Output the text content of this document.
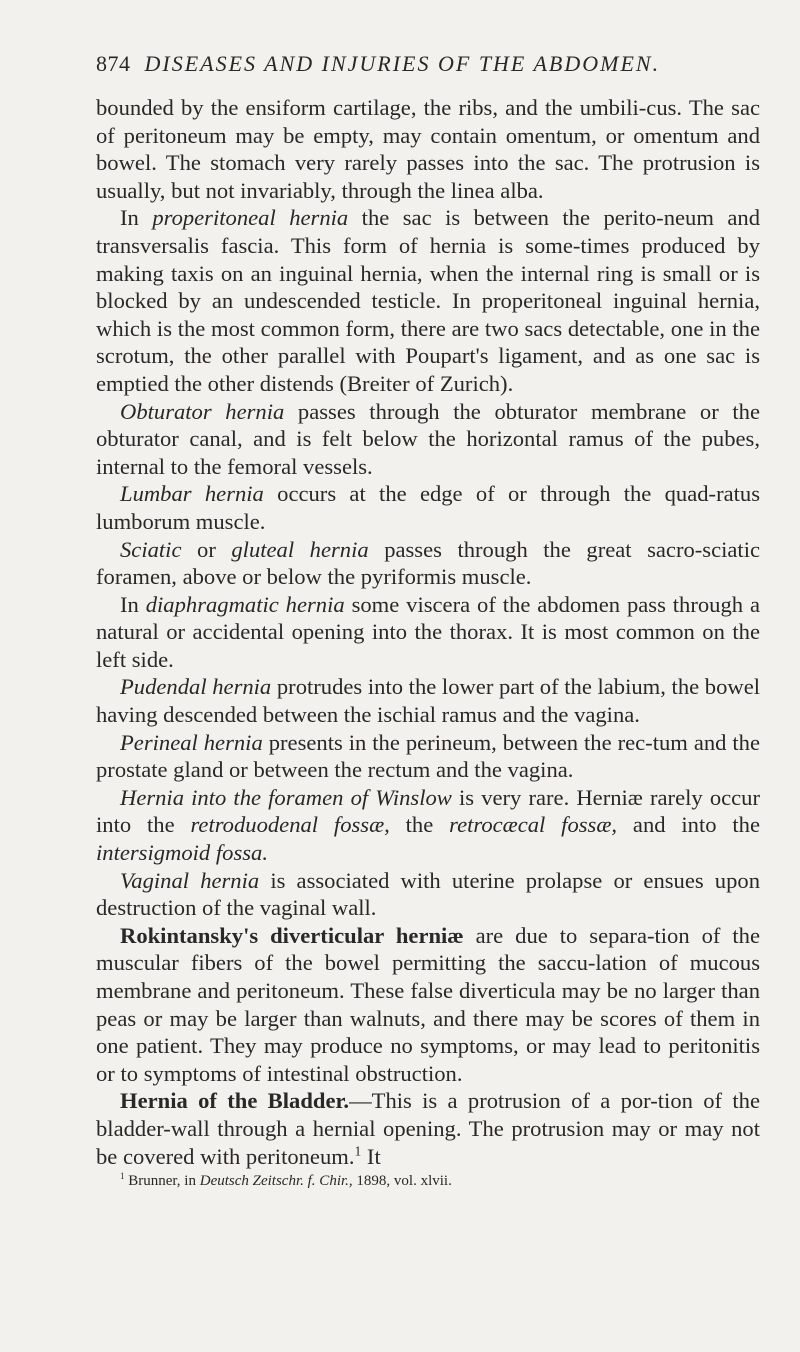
874 DISEASES AND INJURIES OF THE ABDOMEN.

bounded by the ensiform cartilage, the ribs, and the umbili-cus. The sac of peritoneum may be empty, may contain omentum, or omentum and bowel. The stomach very rarely passes into the sac. The protrusion is usually, but not invariably, through the linea alba.

In properitoneal hernia the sac is between the perito-neum and transversalis fascia. This form of hernia is some-times produced by making taxis on an inguinal hernia, when the internal ring is small or is blocked by an undescended testicle. In properitoneal inguinal hernia, which is the most common form, there are two sacs detectable, one in the scrotum, the other parallel with Poupart's ligament, and as one sac is emptied the other distends (Breiter of Zurich).

Obturator hernia passes through the obturator membrane or the obturator canal, and is felt below the horizontal ramus of the pubes, internal to the femoral vessels.

Lumbar hernia occurs at the edge of or through the quad-ratus lumborum muscle.

Sciatic or gluteal hernia passes through the great sacro-sciatic foramen, above or below the pyriformis muscle.

In diaphragmatic hernia some viscera of the abdomen pass through a natural or accidental opening into the thorax. It is most common on the left side.

Pudendal hernia protrudes into the lower part of the labium, the bowel having descended between the ischial ramus and the vagina.

Perineal hernia presents in the perineum, between the rec-tum and the prostate gland or between the rectum and the vagina.

Hernia into the foramen of Winslow is very rare. Herniæ rarely occur into the retroduodenal fossæ, the retrocæcal fossæ, and into the intersigmoid fossa.

Vaginal hernia is associated with uterine prolapse or ensues upon destruction of the vaginal wall.

Rokintansky's diverticular herniæ are due to separa-tion of the muscular fibers of the bowel permitting the saccu-lation of mucous membrane and peritoneum. These false diverticula may be no larger than peas or may be larger than walnuts, and there may be scores of them in one patient. They may produce no symptoms, or may lead to peritonitis or to symptoms of intestinal obstruction.

Hernia of the Bladder.—This is a protrusion of a por-tion of the bladder-wall through a hernial opening. The protrusion may or may not be covered with peritoneum.$^1$ It

$^1$ Brunner, in Deutsch Zeitschr. f. Chir., 1898, vol. xlvii.
